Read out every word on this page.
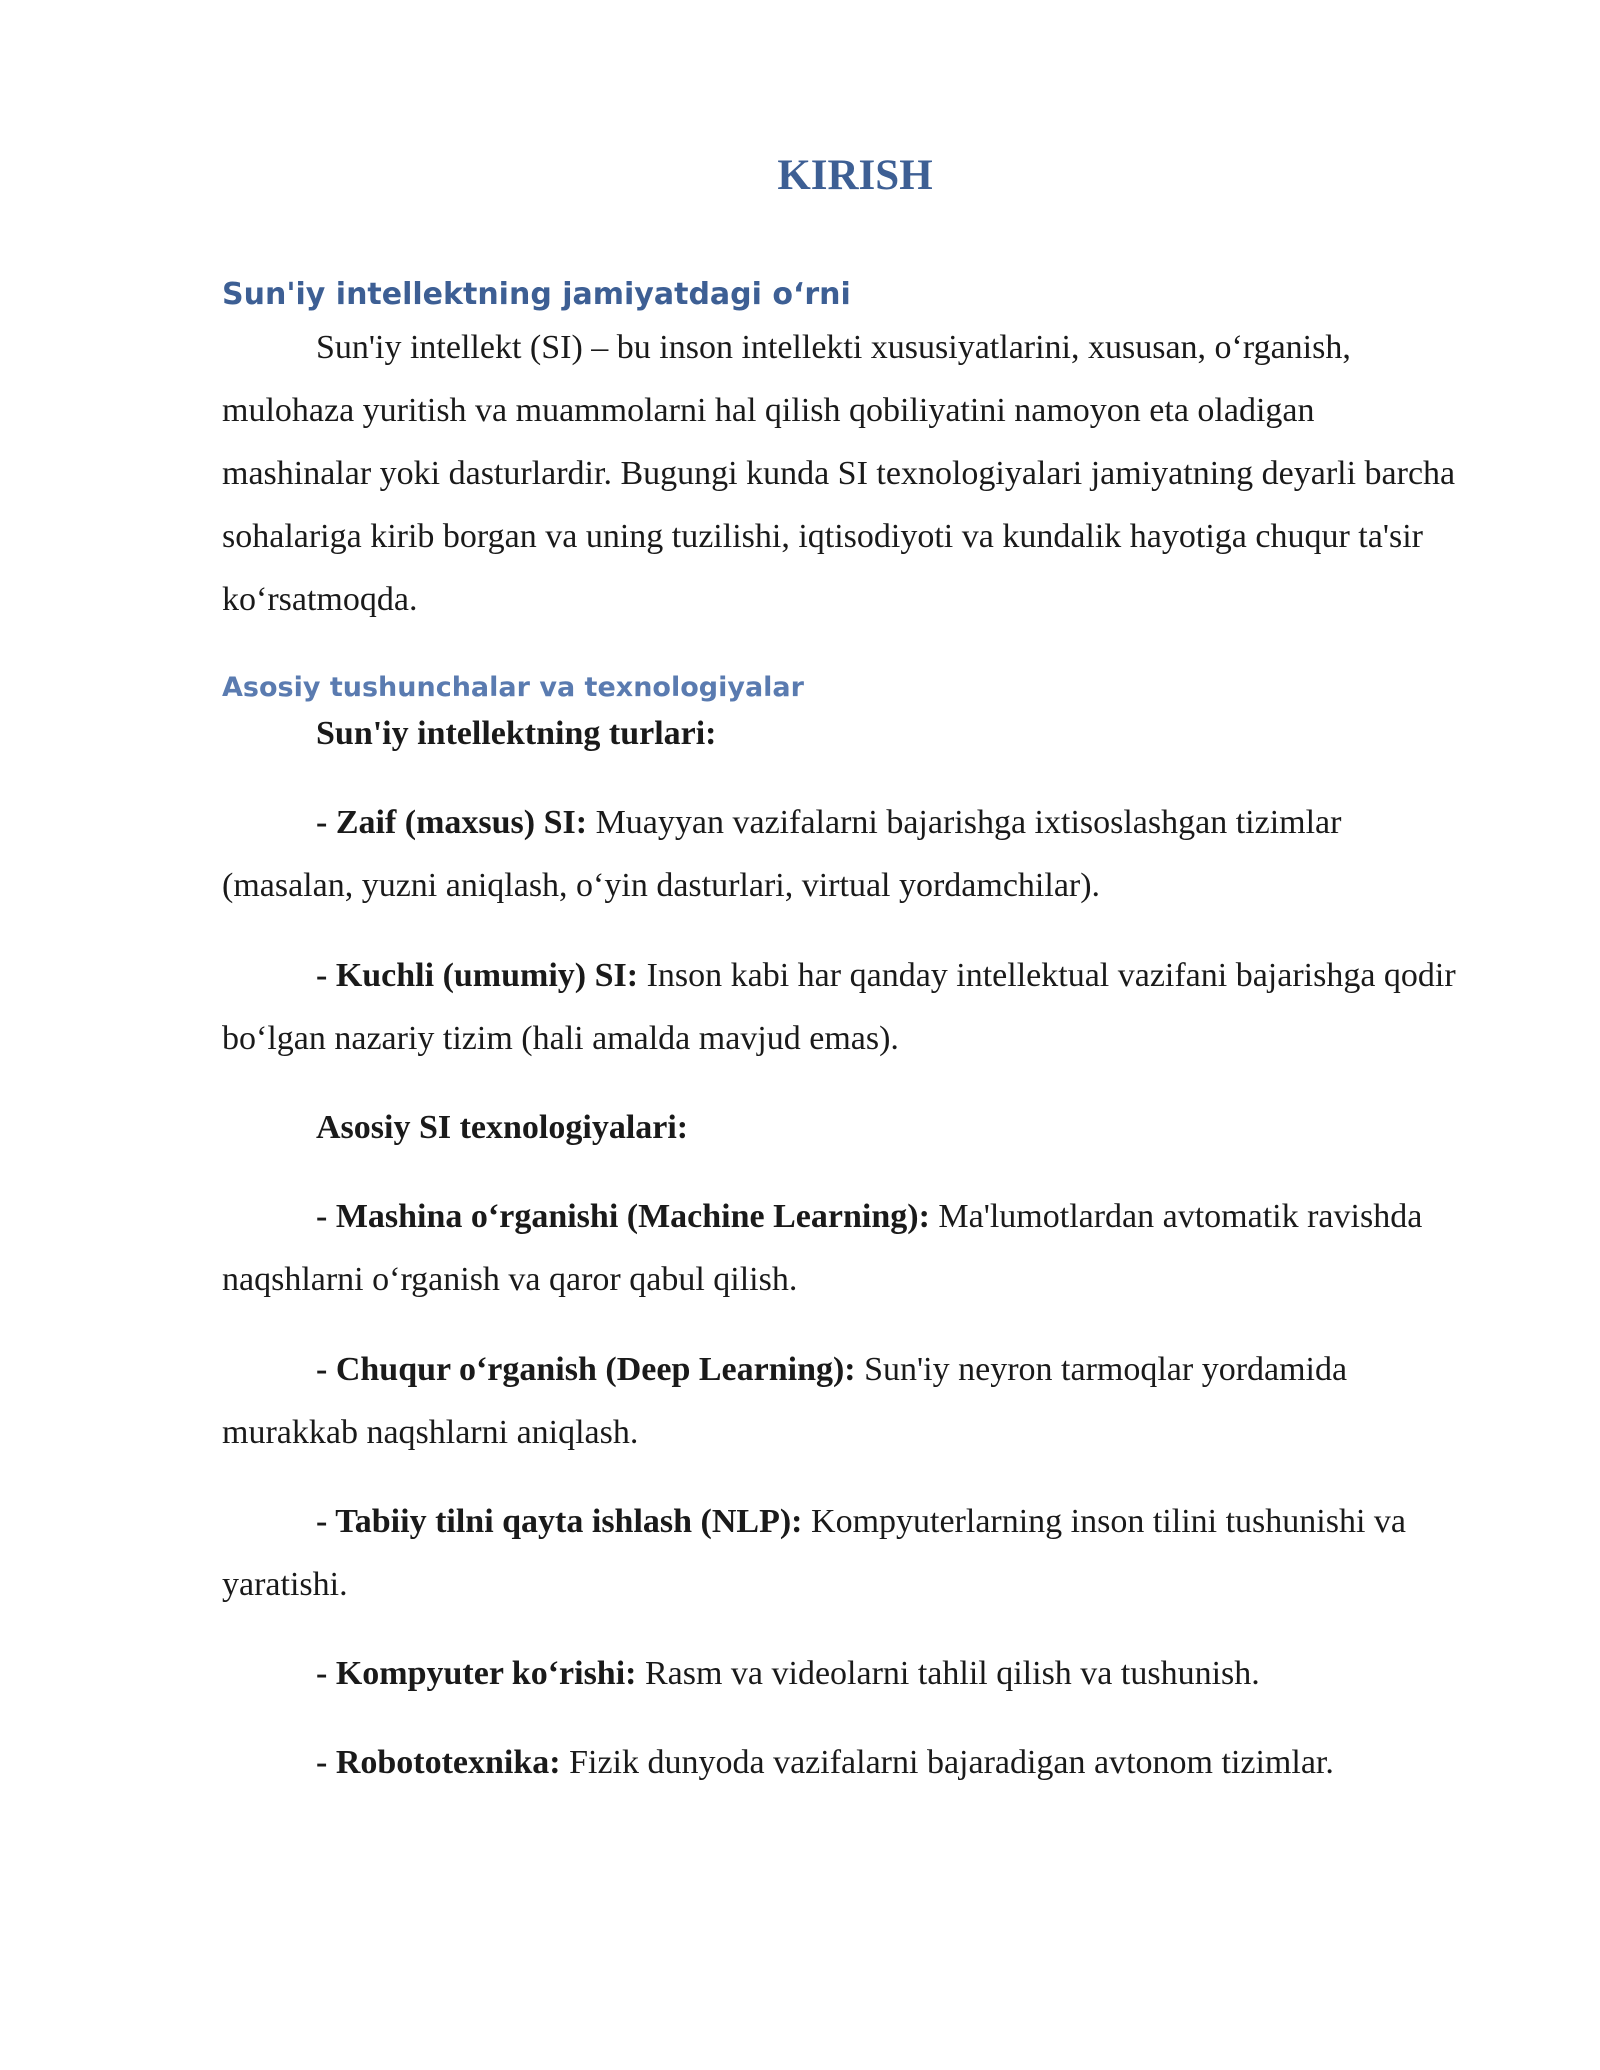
KIRISH
Sun'iy intellektning jamiyatdagi o‘rni

Sun'iy intellekt (SI) – bu inson intellekti xususiyatlarini, xususan, o‘rganish, mulohaza yuritish va muammolarni hal qilish qobiliyatini namoyon eta oladigan mashinalar yoki dasturlardir. Bugungi kunda SI texnologiyalari jamiyatning deyarli barcha sohalariga kirib borgan va uning tuzilishi, iqtisodiyoti va kundalik hayotiga chuqur ta'sir ko‘rsatmoqda.

Asosiy tushunchalar va texnologiyalar

Sun'iy intellektning turlari:

- Zaif (maxsus) SI: Muayyan vazifalarni bajarishga ixtisoslashgan tizimlar (masalan, yuzni aniqlash, o‘yin dasturlari, virtual yordamchilar).

- Kuchli (umumiy) SI: Inson kabi har qanday intellektual vazifani bajarishga qodir bo‘lgan nazariy tizim (hali amalda mavjud emas).

Asosiy SI texnologiyalari:

- Mashina o‘rganishi (Machine Learning): Ma'lumotlardan avtomatik ravishda naqshlarni o‘rganish va qaror qabul qilish.

- Chuqur o‘rganish (Deep Learning): Sun'iy neyron tarmoqlar yordamida murakkab naqshlarni aniqlash.

- Tabiiy tilni qayta ishlash (NLP): Kompyuterlarning inson tilini tushunishi va yaratishi.

- Kompyuter ko‘rishi: Rasm va videolarni tahlil qilish va tushunish.

- Robototexnika: Fizik dunyoda vazifalarni bajaradigan avtonom tizimlar.
